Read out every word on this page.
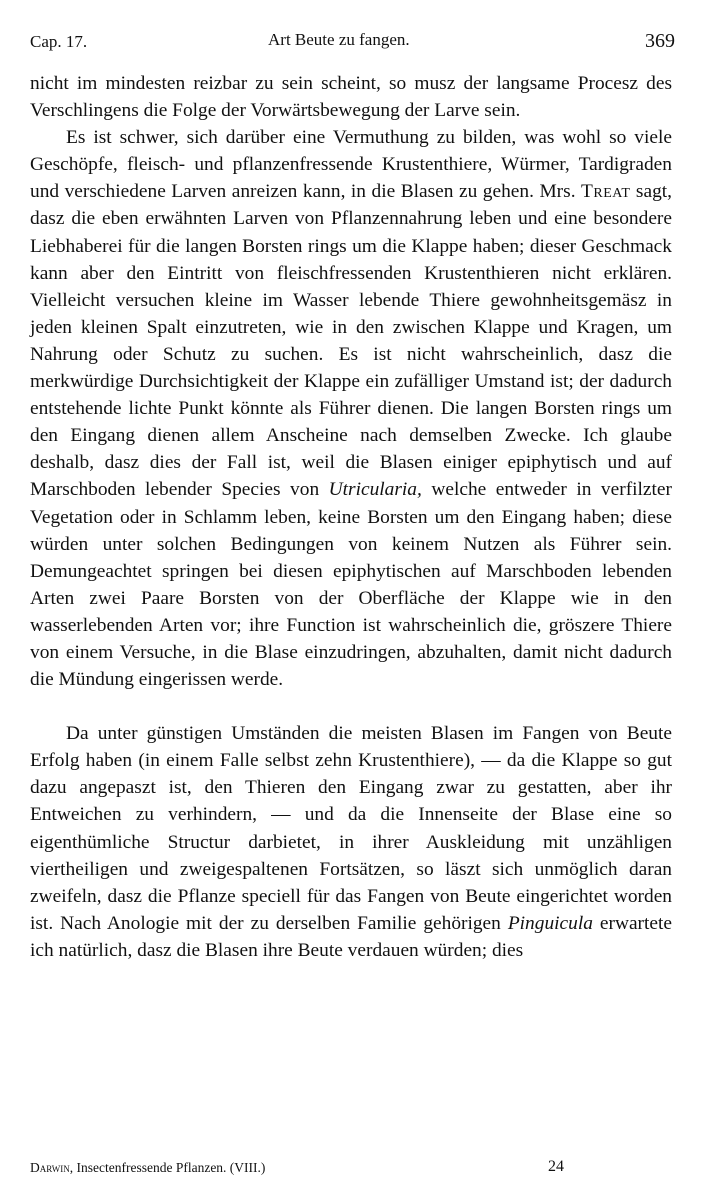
Cap. 17.	Art Beute zu fangen.	369

nicht im mindesten reizbar zu sein scheint, so musz der langsame Procesz des Verschlingens die Folge der Vorwärtsbewegung der Larve sein.

Es ist schwer, sich darüber eine Vermuthung zu bilden, was wohl so viele Geschöpfe, fleisch- und pflanzenfressende Krustenthiere, Würmer, Tardigraden und verschiedene Larven anreizen kann, in die Blasen zu gehen. Mrs. Treat sagt, dasz die eben erwähnten Larven von Pflanzennahrung leben und eine besondere Liebhaberei für die langen Borsten rings um die Klappe haben; dieser Geschmack kann aber den Eintritt von fleischfressenden Krustenthieren nicht erklären. Vielleicht versuchen kleine im Wasser lebende Thiere gewohnheitsgemäsz in jeden kleinen Spalt einzutreten, wie in den zwischen Klappe und Kragen, um Nahrung oder Schutz zu suchen. Es ist nicht wahrscheinlich, dasz die merkwürdige Durchsichtigkeit der Klappe ein zufälliger Umstand ist; der dadurch entstehende lichte Punkt könnte als Führer dienen. Die langen Borsten rings um den Eingang dienen allem Anscheine nach demselben Zwecke. Ich glaube deshalb, dasz dies der Fall ist, weil die Blasen einiger epiphytisch und auf Marschboden lebender Species von Utricularia, welche entweder in verfilzter Vegetation oder in Schlamm leben, keine Borsten um den Eingang haben; diese würden unter solchen Bedingungen von keinem Nutzen als Führer sein. Demungeachtet springen bei diesen epiphytischen auf Marschboden lebenden Arten zwei Paare Borsten von der Oberfläche der Klappe wie in den wasserlebenden Arten vor; ihre Function ist wahrscheinlich die, gröszere Thiere von einem Versuche, in die Blase einzudringen, abzuhalten, damit nicht dadurch die Mündung eingerissen werde.

Da unter günstigen Umständen die meisten Blasen im Fangen von Beute Erfolg haben (in einem Falle selbst zehn Krustenthiere), — da die Klappe so gut dazu angepaszt ist, den Thieren den Eingang zwar zu gestatten, aber ihr Entweichen zu verhindern, — und da die Innenseite der Blase eine so eigenthümliche Structur darbietet, in ihrer Auskleidung mit unzähligen viertheiligen und zweigespaltenen Fortsätzen, so läszt sich unmöglich daran zweifeln, dasz die Pflanze speciell für das Fangen von Beute eingerichtet worden ist. Nach Anologie mit der zu derselben Familie gehörigen Pinguicula erwartete ich natürlich, dasz die Blasen ihre Beute verdauen würden; dies

Darwin, Insectenfressende Pflanzen. (VIII.)	24
